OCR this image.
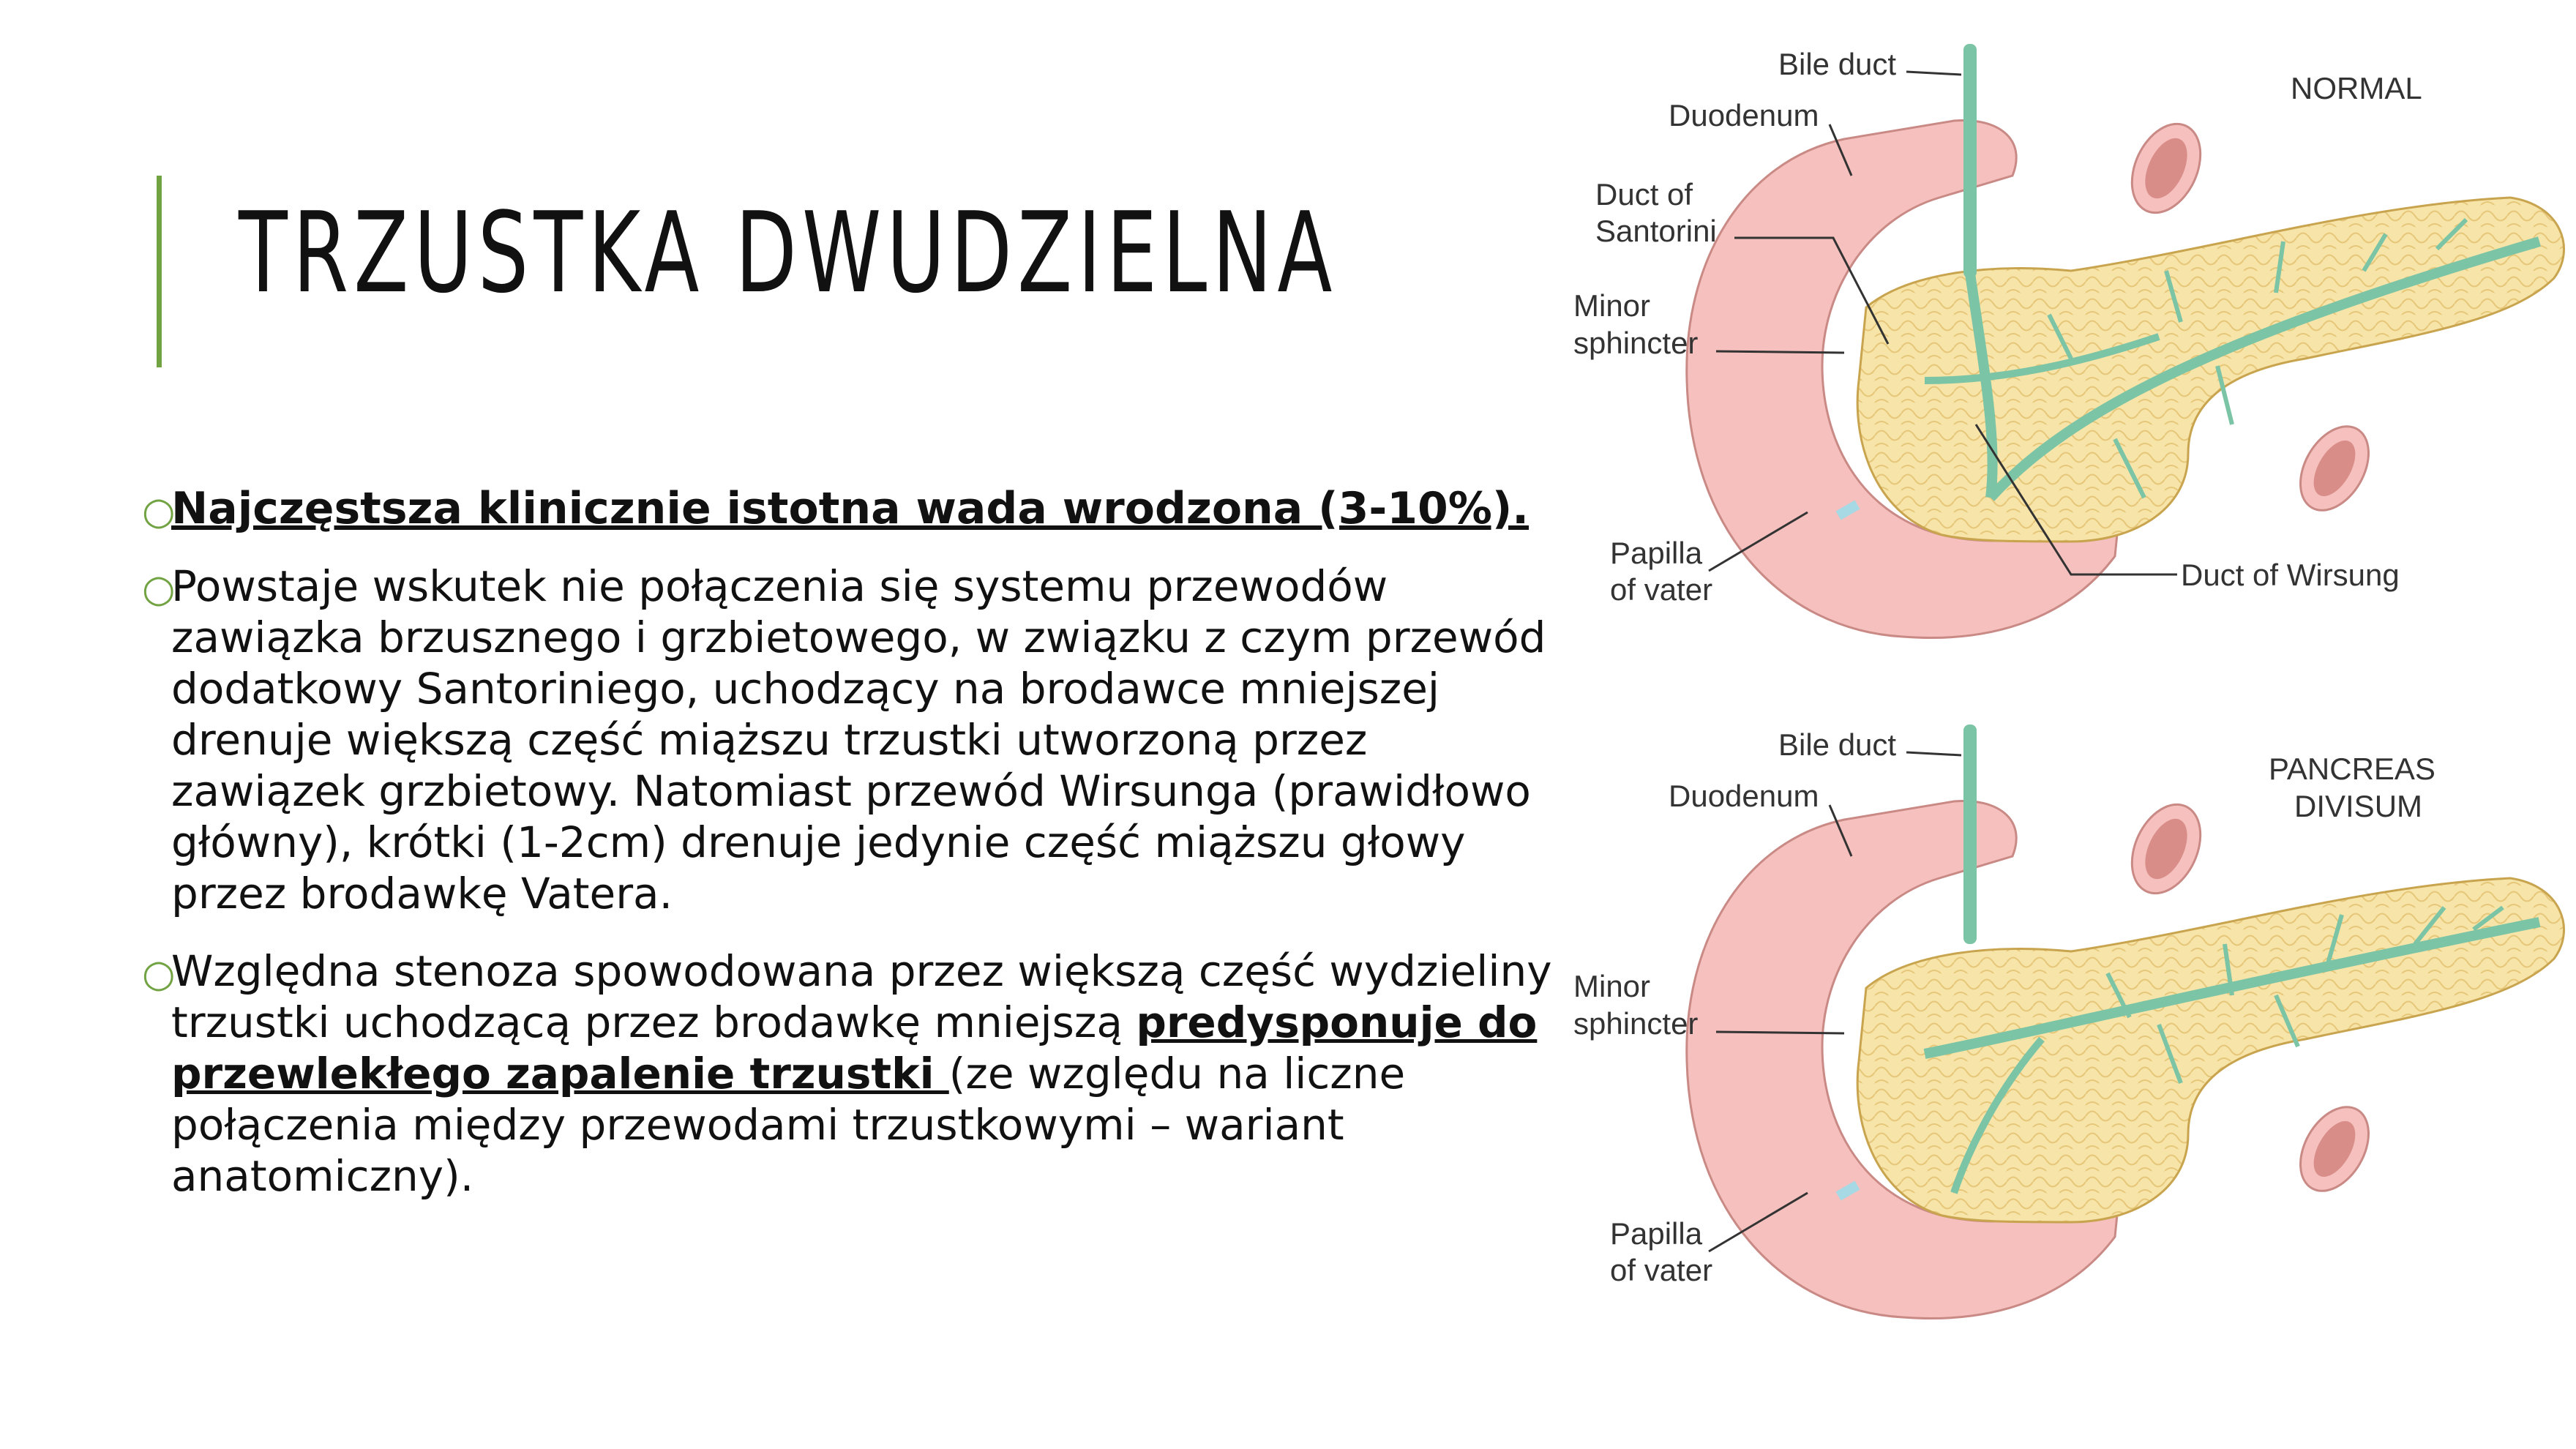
TRZUSTKA DWUDZIELNA
○
Najczęstsza klinicznie istotna wada wrodzona (3-10%).
○
Powstaje wskutek nie połączenia się systemu przewodów zawiązka brzusznego i grzbietowego, w związku z czym przewód dodatkowy Santoriniego, uchodzący na brodawce mniejszej drenuje większą część miąższu trzustki utworzoną przez zawiązek grzbietowy. Natomiast przewód Wirsunga (prawidłowo główny), krótki (1-2cm) drenuje jedynie część miąższu głowy przez brodawkę Vatera.
○
Względna stenoza spowodowana przez większą część wydzieliny trzustki uchodzącą przez brodawkę mniejszą predysponuje do przewlekłego zapalenie trzustki (ze względu na liczne połączenia między przewodami trzustkowymi – wariant anatomiczny).
Bile duct
Duodenum
Duct of
Santorini
Minor
sphincter
Papilla
of vater	Duct of Wirsung
NORMAL
Bile duct
Duodenum
Minor
sphincter
Papilla
of vater
PANCREAS
DIVISUM
